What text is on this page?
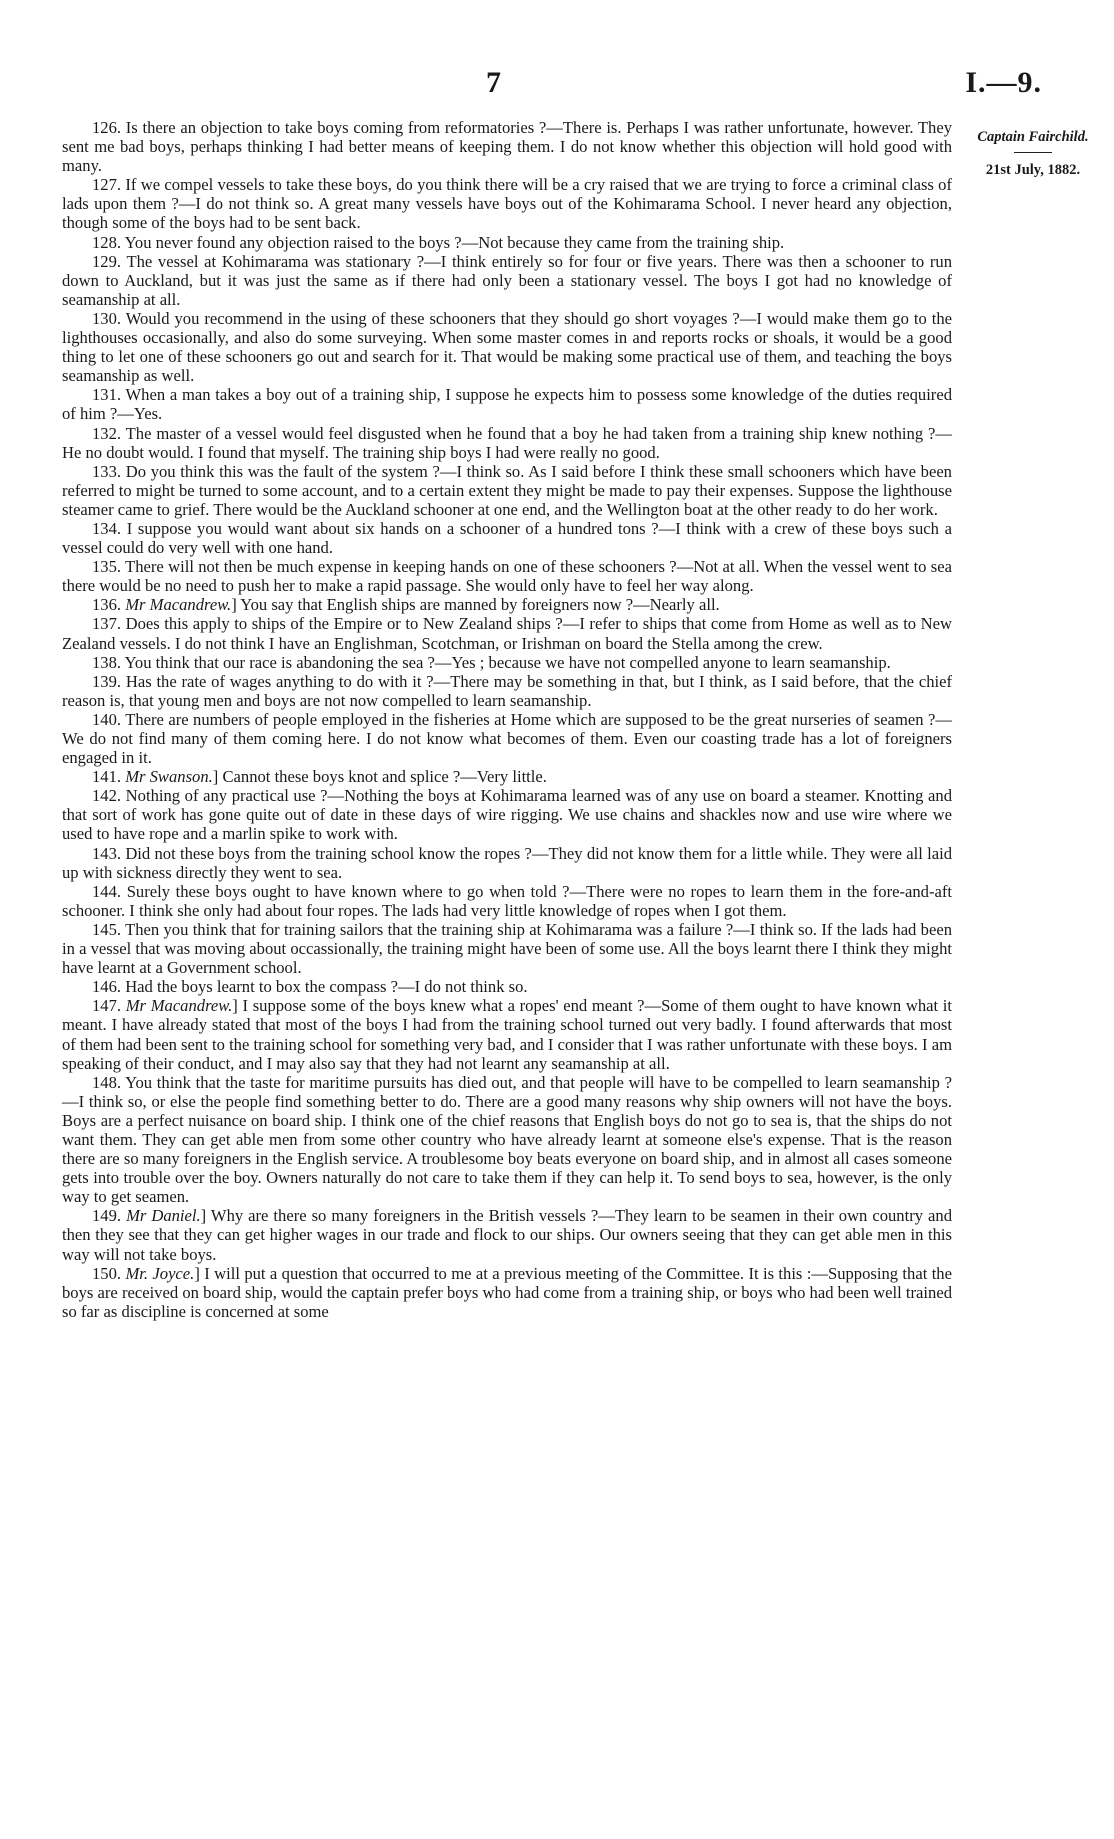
7	I.—9.
Captain Fairchild.
21st July, 1882.

126. Is there an objection to take boys coming from reformatories ?—There is. Perhaps I was rather unfortunate, however. They sent me bad boys, perhaps thinking I had better means of keeping them. I do not know whether this objection will hold good with many.

127. If we compel vessels to take these boys, do you think there will be a cry raised that we are trying to force a criminal class of lads upon them ?—I do not think so. A great many vessels have boys out of the Kohimarama School. I never heard any objection, though some of the boys had to be sent back.

128. You never found any objection raised to the boys ?—Not because they came from the training ship.

129. The vessel at Kohimarama was stationary ?—I think entirely so for four or five years. There was then a schooner to run down to Auckland, but it was just the same as if there had only been a stationary vessel. The boys I got had no knowledge of seamanship at all.

130. Would you recommend in the using of these schooners that they should go short voyages ?—I would make them go to the lighthouses occasionally, and also do some surveying. When some master comes in and reports rocks or shoals, it would be a good thing to let one of these schooners go out and search for it. That would be making some practical use of them, and teaching the boys seamanship as well.

131. When a man takes a boy out of a training ship, I suppose he expects him to possess some knowledge of the duties required of him ?—Yes.

132. The master of a vessel would feel disgusted when he found that a boy he had taken from a training ship knew nothing ?—He no doubt would. I found that myself. The training ship boys I had were really no good.

133. Do you think this was the fault of the system ?—I think so. As I said before I think these small schooners which have been referred to might be turned to some account, and to a certain extent they might be made to pay their expenses. Suppose the lighthouse steamer came to grief. There would be the Auckland schooner at one end, and the Wellington boat at the other ready to do her work.

134. I suppose you would want about six hands on a schooner of a hundred tons ?—I think with a crew of these boys such a vessel could do very well with one hand.

135. There will not then be much expense in keeping hands on one of these schooners ?—Not at all. When the vessel went to sea there would be no need to push her to make a rapid passage. She would only have to feel her way along.

136. Mr Macandrew.] You say that English ships are manned by foreigners now ?—Nearly all.

137. Does this apply to ships of the Empire or to New Zealand ships ?—I refer to ships that come from Home as well as to New Zealand vessels. I do not think I have an Englishman, Scotchman, or Irishman on board the Stella among the crew.

138. You think that our race is abandoning the sea ?—Yes ; because we have not compelled anyone to learn seamanship.

139. Has the rate of wages anything to do with it ?—There may be something in that, but I think, as I said before, that the chief reason is, that young men and boys are not now compelled to learn seamanship.

140. There are numbers of people employed in the fisheries at Home which are supposed to be the great nurseries of seamen ?—We do not find many of them coming here. I do not know what becomes of them. Even our coasting trade has a lot of foreigners engaged in it.

141. Mr Swanson.] Cannot these boys knot and splice ?—Very little.

142. Nothing of any practical use ?—Nothing the boys at Kohimarama learned was of any use on board a steamer. Knotting and that sort of work has gone quite out of date in these days of wire rigging. We use chains and shackles now and use wire where we used to have rope and a marlin spike to work with.

143. Did not these boys from the training school know the ropes ?—They did not know them for a little while. They were all laid up with sickness directly they went to sea.

144. Surely these boys ought to have known where to go when told ?—There were no ropes to learn them in the fore-and-aft schooner. I think she only had about four ropes. The lads had very little knowledge of ropes when I got them.

145. Then you think that for training sailors that the training ship at Kohimarama was a failure ?—I think so. If the lads had been in a vessel that was moving about occassionally, the training might have been of some use. All the boys learnt there I think they might have learnt at a Government school.

146. Had the boys learnt to box the compass ?—I do not think so.

147. Mr Macandrew.] I suppose some of the boys knew what a ropes' end meant ?—Some of them ought to have known what it meant. I have already stated that most of the boys I had from the training school turned out very badly. I found afterwards that most of them had been sent to the training school for something very bad, and I consider that I was rather unfortunate with these boys. I am speaking of their conduct, and I may also say that they had not learnt any seamanship at all.

148. You think that the taste for maritime pursuits has died out, and that people will have to be compelled to learn seamanship ?—I think so, or else the people find something better to do. There are a good many reasons why ship owners will not have the boys. Boys are a perfect nuisance on board ship. I think one of the chief reasons that English boys do not go to sea is, that the ships do not want them. They can get able men from some other country who have already learnt at someone else's expense. That is the reason there are so many foreigners in the English service. A troublesome boy beats everyone on board ship, and in almost all cases someone gets into trouble over the boy. Owners naturally do not care to take them if they can help it. To send boys to sea, however, is the only way to get seamen.

149. Mr Daniel.] Why are there so many foreigners in the British vessels ?—They learn to be seamen in their own country and then they see that they can get higher wages in our trade and flock to our ships. Our owners seeing that they can get able men in this way will not take boys.

150. Mr. Joyce.] I will put a question that occurred to me at a previous meeting of the Committee. It is this :—Supposing that the boys are received on board ship, would the captain prefer boys who had come from a training ship, or boys who had been well trained so far as discipline is concerned at some
